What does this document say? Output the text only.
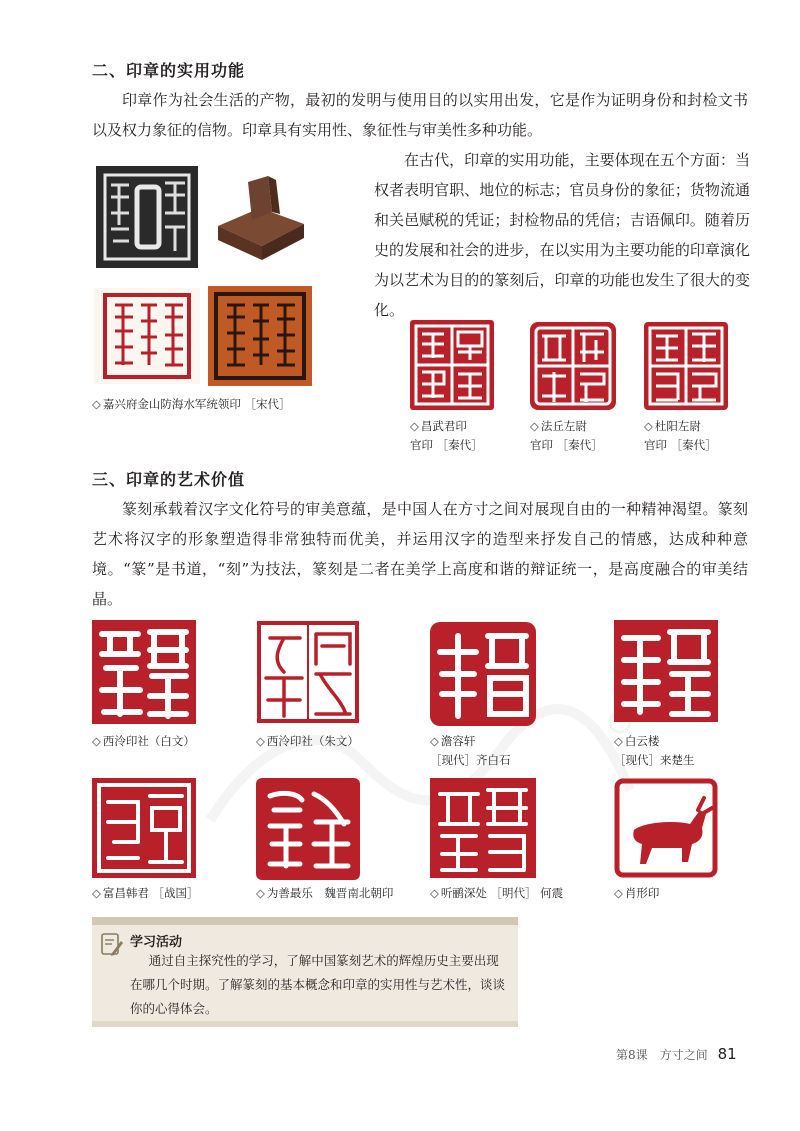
二、印章的实用功能

印章作为社会生活的产物，最初的发明与使用目的以实用出发，它是作为证明身份和封检文书以及权力象征的信物。印章具有实用性、象征性与审美性多种功能。

◇ 嘉兴府金山防海水军统领印 ［宋代］

在古代，印章的实用功能，主要体现在五个方面：当权者表明官职、地位的标志；官员身份的象征；货物流通和关邑赋税的凭证；封检物品的凭信；吉语佩印。随着历史的发展和社会的进步，在以实用为主要功能的印章演化为以艺术为目的的篆刻后，印章的功能也发生了很大的变化。

◇ 昌武君印
官印 ［秦代］
◇ 法丘左尉
官印 ［秦代］
◇ 杜阳左尉
官印 ［秦代］
三、印章的艺术价值

篆刻承载着汉字文化符号的审美意蕴，是中国人在方寸之间对展现自由的一种精神渴望。篆刻艺术将汉字的形象塑造得非常独特而优美，并运用汉字的造型来抒发自己的情感，达成种种意境。“篆”是书道，“刻”为技法，篆刻是二者在美学上高度和谐的辩证统一，是高度融合的审美结晶。

◇ 西泠印社（白文）	◇ 西泠印社（朱文）	◇ 澹容轩
［现代］齐白石
◇ 白云楼
［现代］来楚生
◇ 富昌韩君 ［战国］	◇ 为善最乐　魏晋南北朝印	◇ 听鹂深处 ［明代］ 何震	◇ 肖形印
学习活动
通过自主探究性的学习，了解中国篆刻艺术的辉煌历史主要出现在哪几个时期。了解篆刻的基本概念和印章的实用性与艺术性，谈谈你的心得体会。
第8课　方寸之间 81
